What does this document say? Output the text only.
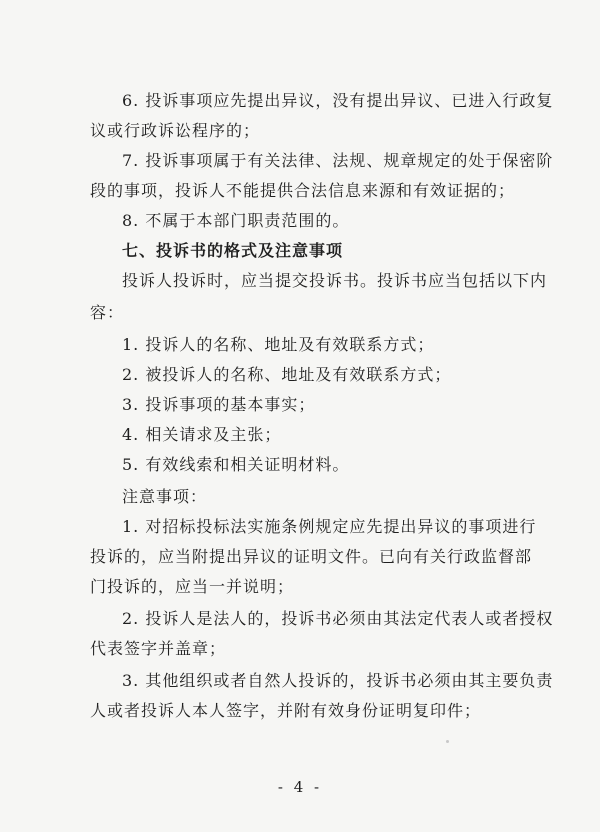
6. 投诉事项应先提出异议，没有提出异议、已进入行政复
议或行政诉讼程序的；
7. 投诉事项属于有关法律、法规、规章规定的处于保密阶
段的事项，投诉人不能提供合法信息来源和有效证据的；
8. 不属于本部门职责范围的。
七、投诉书的格式及注意事项
投诉人投诉时，应当提交投诉书。投诉书应当包括以下内
容：
1. 投诉人的名称、地址及有效联系方式；
2. 被投诉人的名称、地址及有效联系方式；
3. 投诉事项的基本事实；
4. 相关请求及主张；
5. 有效线索和相关证明材料。
注意事项：
1. 对招标投标法实施条例规定应先提出异议的事项进行
投诉的，应当附提出异议的证明文件。已向有关行政监督部
门投诉的，应当一并说明；
2. 投诉人是法人的，投诉书必须由其法定代表人或者授权
代表签字并盖章；
3. 其他组织或者自然人投诉的，投诉书必须由其主要负责
人或者投诉人本人签字，并附有效身份证明复印件；
- 4 -
